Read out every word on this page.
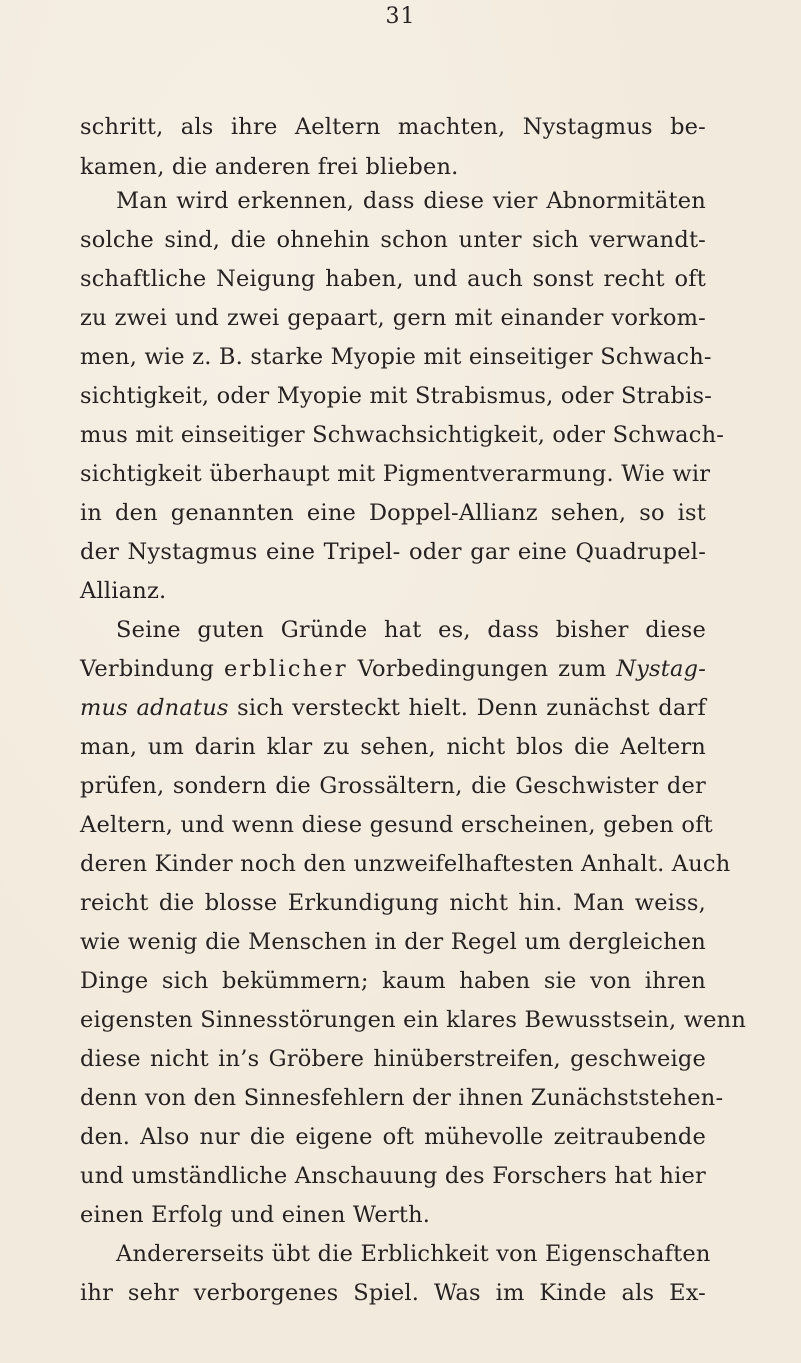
31
schritt, als ihre Aeltern machten, Nystagmus be-
kamen, die anderen frei blieben.
Man wird erkennen, dass diese vier Abnormitäten
solche sind, die ohnehin schon unter sich verwandt-
schaftliche Neigung haben, und auch sonst recht oft
zu zwei und zwei gepaart, gern mit einander vorkom-
men, wie z. B. starke Myopie mit einseitiger Schwach-
sichtigkeit, oder Myopie mit Strabismus, oder Strabis-
mus mit einseitiger Schwachsichtigkeit, oder Schwach-
sichtigkeit überhaupt mit Pigmentverarmung. Wie wir
in den genannten eine Doppel-Allianz sehen, so ist
der Nystagmus eine Tripel- oder gar eine Quadrupel-
Allianz.
Seine guten Gründe hat es, dass bisher diese
Verbindung erblicher Vorbedingungen zum Nystag-
mus adnatus sich versteckt hielt. Denn zunächst darf
man, um darin klar zu sehen, nicht blos die Aeltern
prüfen, sondern die Grossältern, die Geschwister der
Aeltern, und wenn diese gesund erscheinen, geben oft
deren Kinder noch den unzweifelhaftesten Anhalt. Auch
reicht die blosse Erkundigung nicht hin. Man weiss,
wie wenig die Menschen in der Regel um dergleichen
Dinge sich bekümmern; kaum haben sie von ihren
eigensten Sinnesstörungen ein klares Bewusstsein, wenn
diese nicht in’s Gröbere hinüberstreifen, geschweige
denn von den Sinnesfehlern der ihnen Zunächststehen-
den. Also nur die eigene oft mühevolle zeitraubende
und umständliche Anschauung des Forschers hat hier
einen Erfolg und einen Werth.
Andererseits übt die Erblichkeit von Eigenschaften
ihr sehr verborgenes Spiel. Was im Kinde als Ex-
